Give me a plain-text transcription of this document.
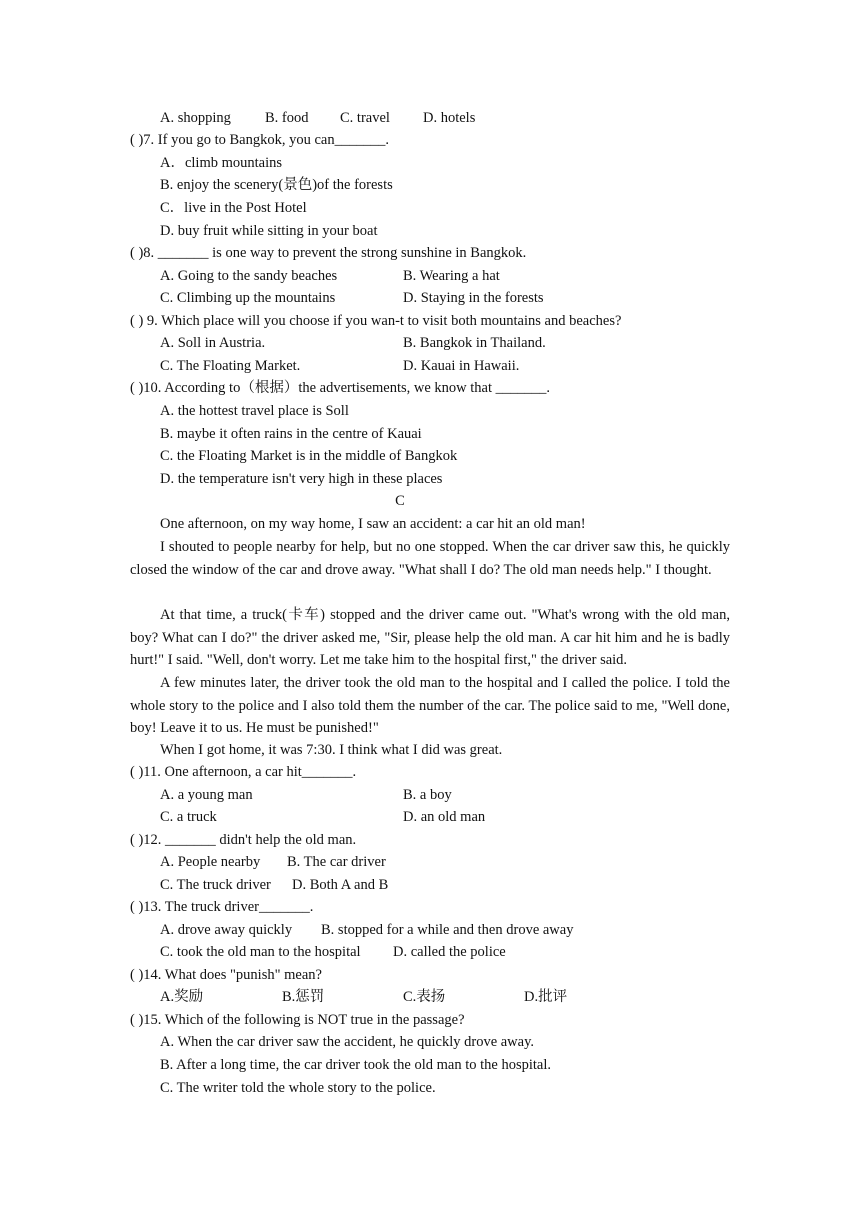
A. shopping B. food C. travel D. hotels
( )7. If you go to Bangkok, you can_______.
A．climb mountains
B. enjoy the scenery(景色)of the forests
C．live in the Post Hotel
D. buy fruit while sitting in your boat
( )8. _______ is one way to prevent the strong sunshine in Bangkok.
A. Going to the sandy beaches	B. Wearing a hat
C. Climbing up the mountains	D. Staying in the forests
( ) 9. Which place will you choose if you wan-t to visit both mountains and beaches?
A. Soll in Austria.	B. Bangkok in Thailand.
C. The Floating Market.	D. Kauai in Hawaii.
( )10. According to（根据）the advertisements, we know that _______.
A. the hottest travel place is Soll
B. maybe it often rains in the centre of Kauai
C. the Floating Market is in the middle of Bangkok
D. the temperature isn't very high in these places
C
One afternoon, on my way home, I saw an accident: a car hit an old man!
I shouted to people nearby for help, but no one stopped. When the car driver saw this, he quickly closed the window of the car and drove away. "What shall I do? The old man needs help." I thought.
At that time, a truck(卡车) stopped and the driver came out. "What's wrong with the old man, boy? What can I do?" the driver asked me, "Sir, please help the old man. A car hit him and he is badly hurt!" I said. "Well, don't worry. Let me take him to the hospital first," the driver said.
A few minutes later, the driver took the old man to the hospital and I called the police. I told the whole story to the police and I also told them the number of the car. The police said to me, "Well done, boy! Leave it to us. He must be punished!"
When I got home, it was 7:30. I think what I did was great.
( )11. One afternoon, a car hit_______.
A. a young man	B. a boy
C. a truck	D. an old man
( )12. _______ didn't help the old man.
A. People nearby B. The car driver
C. The truck driver D. Both A and B
( )13. The truck driver_______.
A. drove away quickly B. stopped for a while and then drove away
C. took the old man to the hospital D. called the police
( )14. What does "punish" mean?
A.奖励	B.惩罚	C.表扬	D.批评
( )15. Which of the following is NOT true in the passage?
A. When the car driver saw the accident, he quickly drove away.
B. After a long time, the car driver took the old man to the hospital.
C. The writer told the whole story to the police.
